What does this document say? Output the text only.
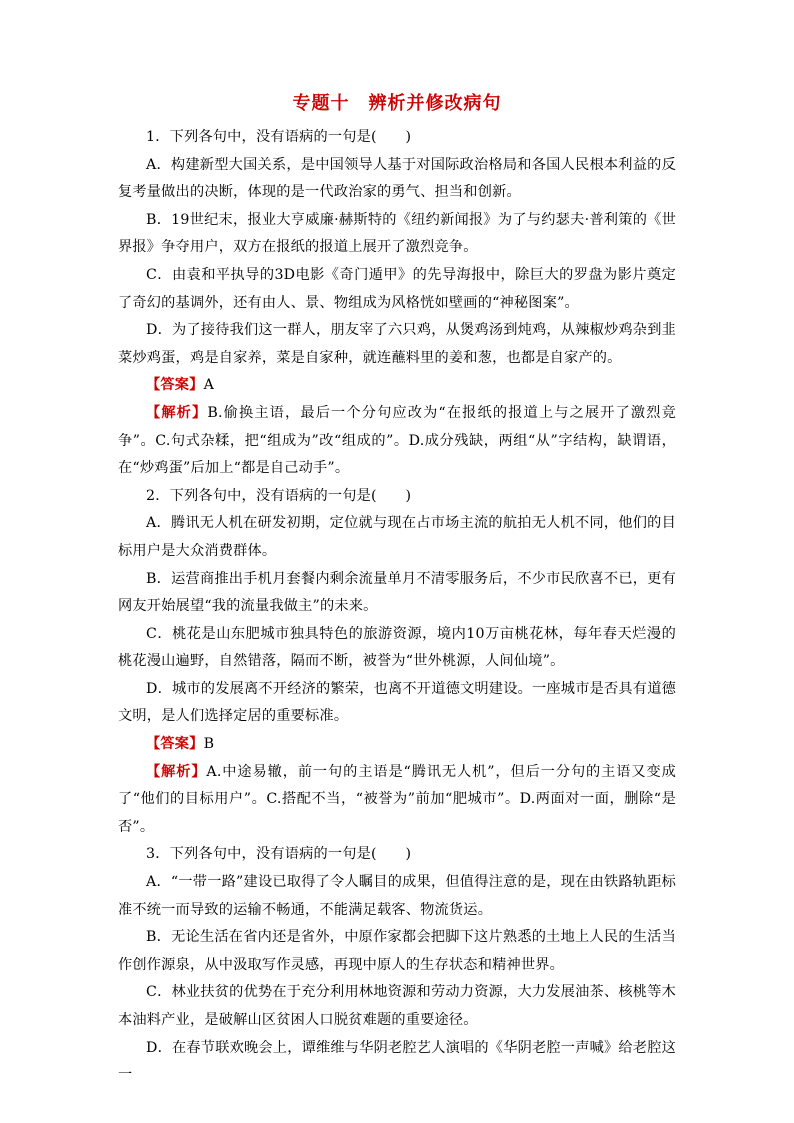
专题十　辨析并修改病句

1．下列各句中，没有语病的一句是(　　)

A．构建新型大国关系，是中国领导人基于对国际政治格局和各国人民根本利益的反复考量做出的决断，体现的是一代政治家的勇气、担当和创新。

B．19世纪末，报业大亨威廉·赫斯特的《纽约新闻报》为了与约瑟夫·普利策的《世界报》争夺用户，双方在报纸的报道上展开了激烈竞争。

C．由袁和平执导的3D电影《奇门遁甲》的先导海报中，除巨大的罗盘为影片奠定了奇幻的基调外，还有由人、景、物组成为风格恍如壁画的“神秘图案”。

D．为了接待我们这一群人，朋友宰了六只鸡，从煲鸡汤到炖鸡，从辣椒炒鸡杂到韭菜炒鸡蛋，鸡是自家养，菜是自家种，就连蘸料里的姜和葱，也都是自家产的。

【答案】A

【解析】B.偷换主语，最后一个分句应改为“在报纸的报道上与之展开了激烈竞争”。C.句式杂糅，把“组成为”改“组成的”。D.成分残缺，两组“从”字结构，缺谓语，在“炒鸡蛋”后加上“都是自己动手”。

2．下列各句中，没有语病的一句是(　　)

A．腾讯无人机在研发初期，定位就与现在占市场主流的航拍无人机不同，他们的目标用户是大众消费群体。

B．运营商推出手机月套餐内剩余流量单月不清零服务后，不少市民欣喜不已，更有网友开始展望“我的流量我做主”的未来。

C．桃花是山东肥城市独具特色的旅游资源，境内10万亩桃花林，每年春天烂漫的桃花漫山遍野，自然错落，隔而不断，被誉为“世外桃源，人间仙境”。

D．城市的发展离不开经济的繁荣，也离不开道德文明建设。一座城市是否具有道德文明，是人们选择定居的重要标准。

【答案】B

【解析】A.中途易辙，前一句的主语是“腾讯无人机”，但后一分句的主语又变成了“他们的目标用户”。C.搭配不当，“被誉为”前加“肥城市”。D.两面对一面，删除“是否”。

3．下列各句中，没有语病的一句是(　　)

A．“一带一路”建设已取得了令人瞩目的成果，但值得注意的是，现在由铁路轨距标准不统一而导致的运输不畅通，不能满足载客、物流货运。

B．无论生活在省内还是省外，中原作家都会把脚下这片熟悉的土地上人民的生活当作创作源泉，从中汲取写作灵感，再现中原人的生存状态和精神世界。

C．林业扶贫的优势在于充分利用林地资源和劳动力资源，大力发展油茶、核桃等木本油料产业，是破解山区贫困人口脱贫难题的重要途径。

D．在春节联欢晚会上，谭维维与华阴老腔艺人演唱的《华阴老腔一声喊》给老腔这一
